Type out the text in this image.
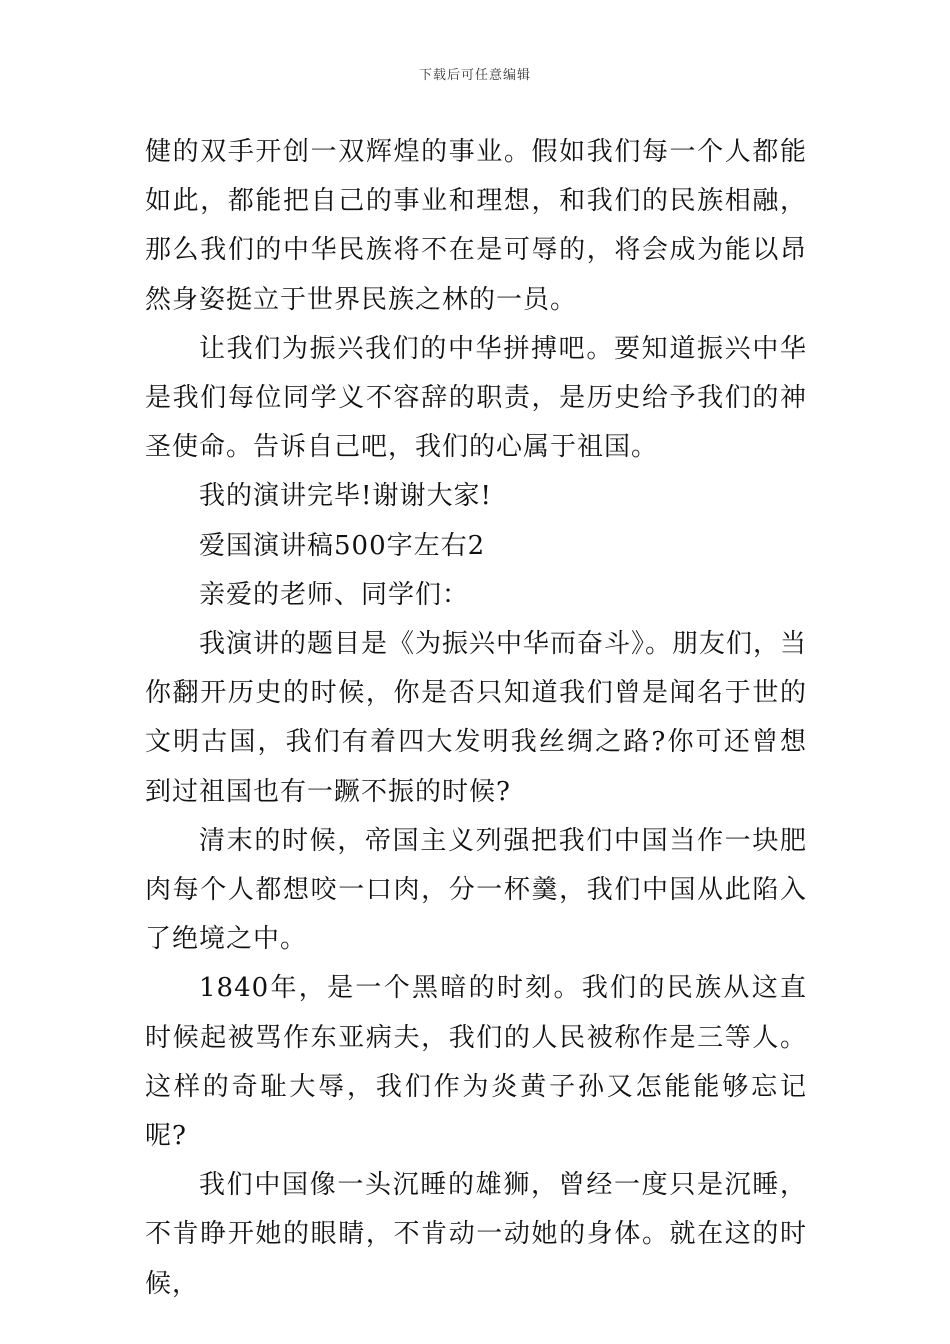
下载后可任意编辑

健的双手开创一双辉煌的事业。假如我们每一个人都能如此，都能把自己的事业和理想，和我们的民族相融，那么我们的中华民族将不在是可辱的，将会成为能以昂然身姿挺立于世界民族之林的一员。

让我们为振兴我们的中华拼搏吧。要知道振兴中华是我们每位同学义不容辞的职责，是历史给予我们的神圣使命。告诉自己吧，我们的心属于祖国。

我的演讲完毕!谢谢大家!

爱国演讲稿500字左右2

亲爱的老师、同学们：

我演讲的题目是《为振兴中华而奋斗》。朋友们，当你翻开历史的时候，你是否只知道我们曾是闻名于世的文明古国，我们有着四大发明我丝绸之路?你可还曾想到过祖国也有一蹶不振的时候?

清末的时候，帝国主义列强把我们中国当作一块肥肉每个人都想咬一口肉，分一杯羹，我们中国从此陷入了绝境之中。

1840年，是一个黑暗的时刻。我们的民族从这直时候起被骂作东亚病夫，我们的人民被称作是三等人。这样的奇耻大辱，我们作为炎黄子孙又怎能能够忘记呢?

我们中国像一头沉睡的雄狮，曾经一度只是沉睡，不肯睁开她的眼睛，不肯动一动她的身体。就在这的时候，
